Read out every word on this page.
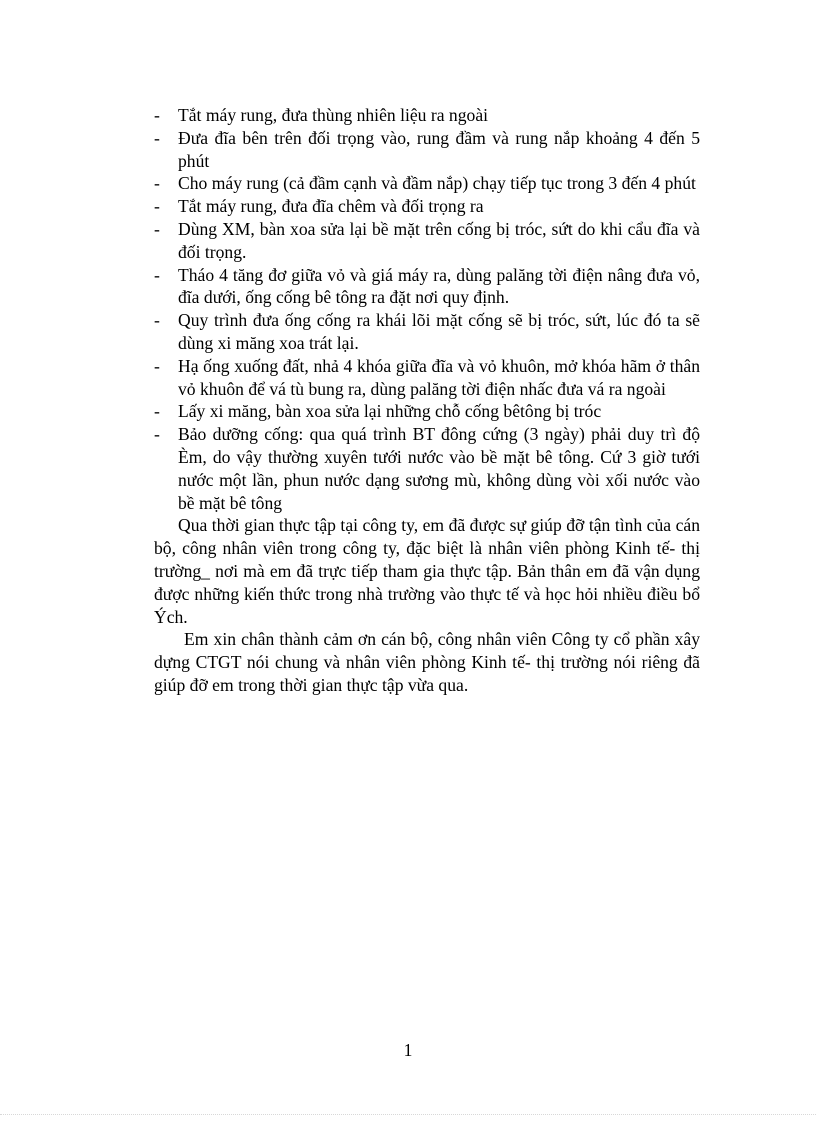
- Tắt máy rung, đưa thùng nhiên liệu ra ngoài
- Đưa đĩa bên trên đối trọng vào, rung đầm và rung nắp khoảng 4 đến 5 phút
- Cho máy rung (cả đầm cạnh và đầm nắp) chạy tiếp tục trong 3 đến 4 phút
- Tắt máy rung, đưa đĩa chêm và đối trọng ra
- Dùng XM, bàn xoa sửa lại bề mặt trên cống bị tróc, sứt do khi cẩu đĩa và đối trọng.
- Tháo 4 tăng đơ giữa vỏ và giá máy ra, dùng palăng tời điện nâng đưa vỏ, đĩa dưới, ống cống bê tông ra đặt nơi quy định.
- Quy trình đưa ống cống ra khái lõi mặt cống sẽ bị tróc, sứt, lúc đó ta sẽ dùng xi măng xoa trát lại.
- Hạ ống xuống đất, nhả 4 khóa giữa đĩa và vỏ khuôn, mở khóa hãm ở thân vỏ khuôn để vá tù bung ra, dùng palăng tời điện nhấc đưa vá ra ngoài
- Lấy xi măng, bàn xoa sửa lại những chỗ cống bêtông bị tróc
- Bảo dưỡng cống: qua quá trình BT đông cứng (3 ngày) phải duy trì độ Èm, do vậy thường xuyên tưới nước vào bề mặt bê tông. Cứ 3 giờ tưới nước một lần, phun nước dạng sương mù, không dùng vòi xối nước vào bề mặt bê tông

Qua thời gian thực tập tại công ty, em đã được sự giúp đỡ tận tình của cán bộ, công nhân viên trong công ty, đặc biệt là nhân viên phòng Kinh tế- thị trường_ nơi mà em đã trực tiếp tham gia thực tập. Bản thân em đã vận dụng được những kiến thức trong nhà trường vào thực tế và học hỏi nhiều điều bổ Ých.

Em xin chân thành cảm ơn cán bộ, công nhân viên Công ty cổ phần xây dựng CTGT nói chung và nhân viên phòng Kinh tế- thị trường nói riêng đã giúp đỡ em trong thời gian thực tập vừa qua.

1
